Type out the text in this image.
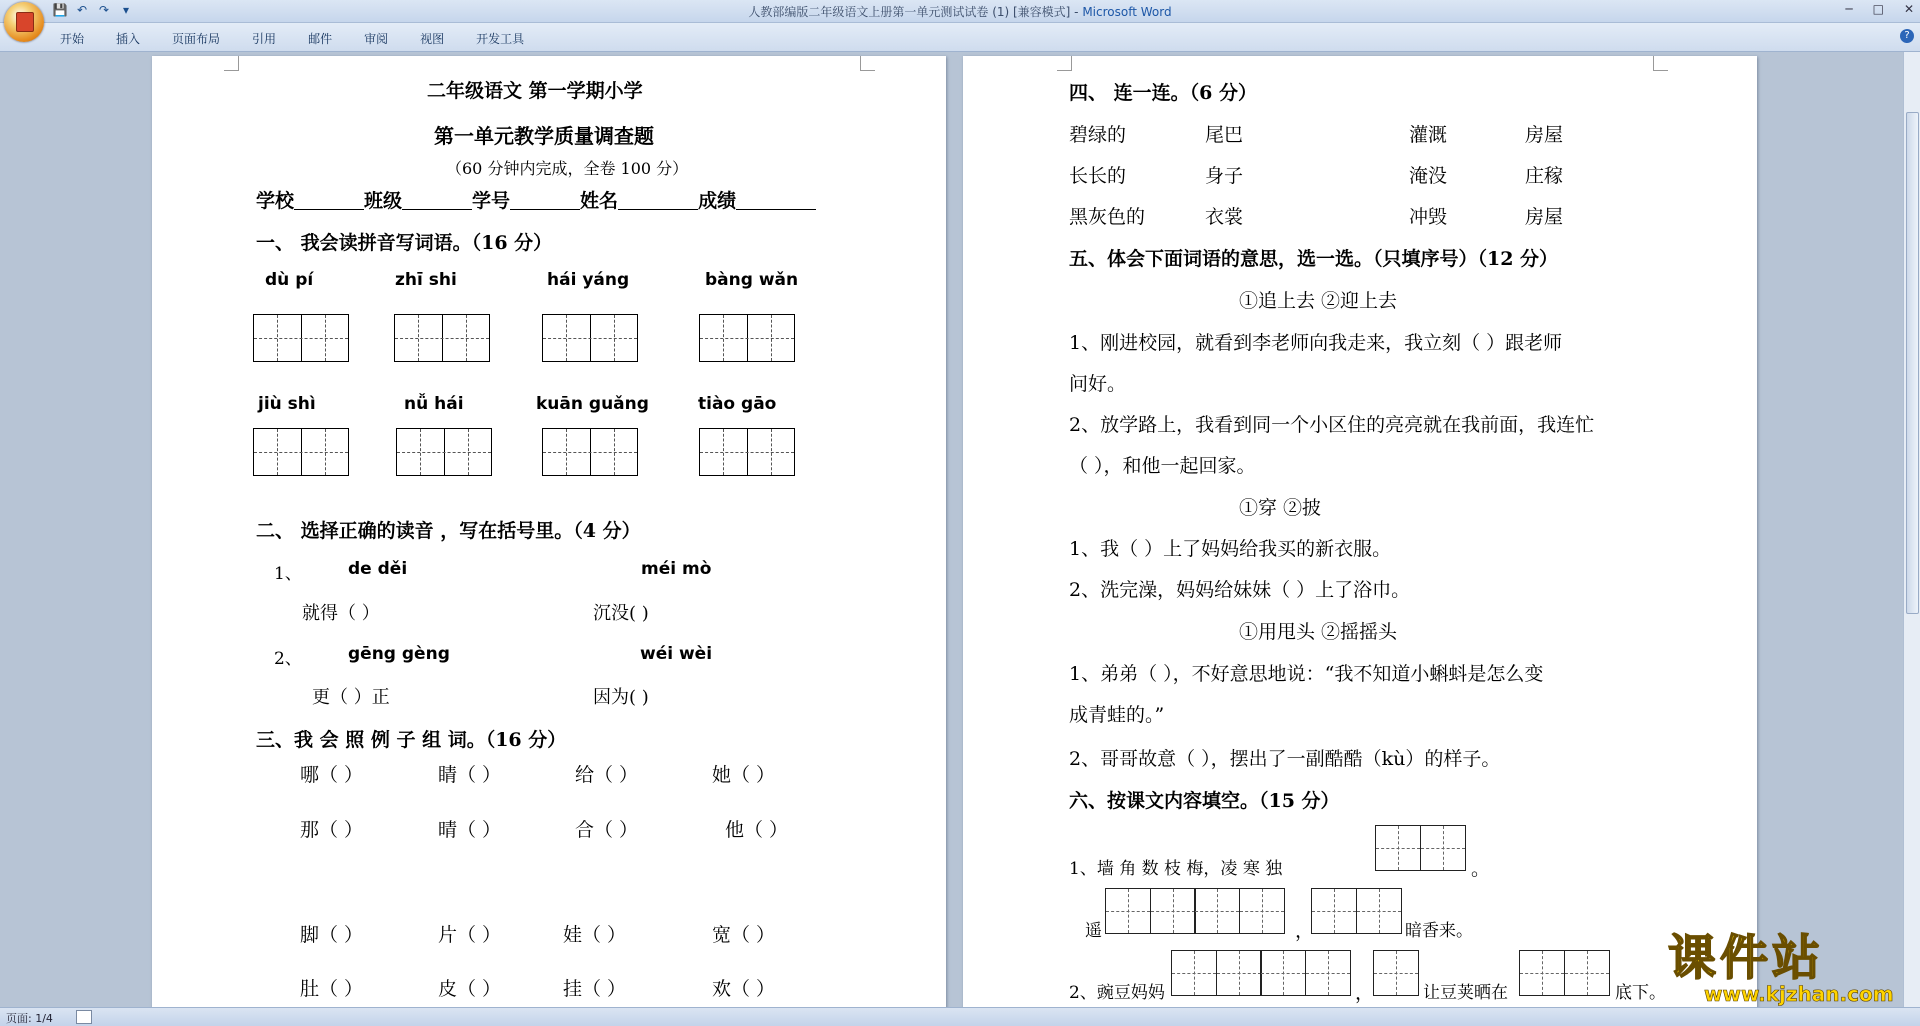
💾 ↶ ↷	▾	人教部编版二年级语文上册第一单元测试试卷 (1) [兼容模式] - Microsoft Word	─ □ ✕
开始	插入	页面布局	引用	邮件	审阅	视图	开发工具	?
二年级语文 第一学期小学
第一单元教学质量调查题
（60 分钟内完成，全卷 100 分）
学校	班级	学号	姓名	成绩
一、 我会读拼音写词语。（16 分）
dù pí	zhī shi	hái yáng	bàng wǎn
jiù shì	nǚ hái	kuān guǎng	tiào gāo
二、 选择正确的读音 ，写在括号里。（4 分）
1、	de děi	méi mò
就得（ ）	沉没( )
2、	gēng gèng	wéi wèi
更（ ）正	因为( )
三、我 会 照 例 子 组 词。（16 分）
哪（ ）	睛（ ）	给（ ）	她（ ）
那（ ）	晴（ ）	合（ ）	他（ ）
脚（ ）	片（ ）	娃（ ）	宽（ ）
肚（ ）	皮（ ）	挂（ ）	欢（ ）
四、 连一连。（6 分）
碧绿的	尾巴	灌溉	房屋
长长的	身子	淹没	庄稼
黑灰色的	衣裳	冲毁	房屋
五、体会下面词语的意思，选一选。（只填序号）（12 分）
①追上去 ②迎上去
1、刚进校园，就看到李老师向我走来，我立刻（ ）跟老师
问好。
2、放学路上，我看到同一个小区住的亮亮就在我前面，我连忙
（ ），和他一起回家。
①穿 ②披
1、我（ ）上了妈妈给我买的新衣服。
2、洗完澡，妈妈给妹妹（ ）上了浴巾。
①用甩头 ②摇摇头
1、弟弟（ ），不好意思地说：“我不知道小蝌蚪是怎么变
成青蛙的。”
2、哥哥故意（ ），摆出了一副酷酷（kù）的样子。
六、按课文内容填空。（15 分）
1、墙 角 数 枝 梅，凌 寒 独	。
遥	，	暗香来。
2、豌豆妈妈	，	让豆荚晒在	底下。
页面: 1/4
课件站
www.kjzhan.com
